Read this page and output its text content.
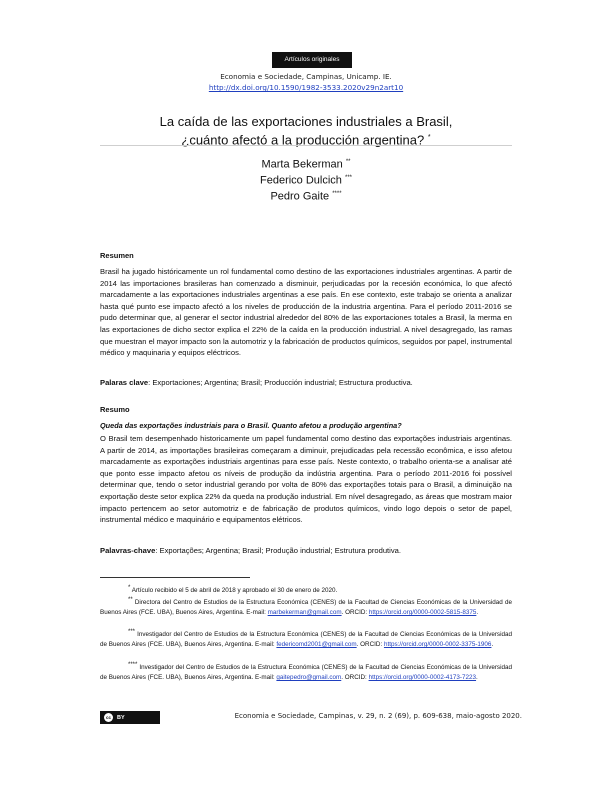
Artículos originales
Economia e Sociedade, Campinas, Unicamp. IE.
http://dx.doi.org/10.1590/1982-3533.2020v29n2art10
La caída de las exportaciones industriales a Brasil,
¿cuánto afectó a la producción argentina? *
Marta Bekerman **
Federico Dulcich ***
Pedro Gaite ****
Resumen

Brasil ha jugado históricamente un rol fundamental como destino de las exportaciones industriales argentinas. A partir de 2014 las importaciones brasileras han comenzado a disminuir, perjudicadas por la recesión económica, lo que afectó marcadamente a las exportaciones industriales argentinas a ese país. En ese contexto, este trabajo se orienta a analizar hasta qué punto ese impacto afectó a los niveles de producción de la industria argentina. Para el período 2011-2016 se pudo determinar que, al generar el sector industrial alrededor del 80% de las exportaciones totales a Brasil, la merma en las exportaciones de dicho sector explica el 22% de la caída en la producción industrial. A nivel desagregado, las ramas que muestran el mayor impacto son la automotriz y la fabricación de productos químicos, seguidos por papel, instrumental médico y maquinaria y equipos eléctricos.

Palaras clave: Exportaciones; Argentina; Brasil; Producción industrial; Estructura productiva.

Resumo
Queda das exportações industriais para o Brasil. Quanto afetou a produção argentina?

O Brasil tem desempenhado historicamente um papel fundamental como destino das exportações industriais argentinas. A partir de 2014, as importações brasileiras começaram a diminuir, prejudicadas pela recessão econômica, e isso afetou marcadamente as exportações industriais argentinas para esse país. Neste contexto, o trabalho orienta-se a analisar até que ponto esse impacto afetou os níveis de produção da indústria argentina. Para o período 2011-2016 foi possível determinar que, tendo o setor industrial gerando por volta de 80% das exportações totais para o Brasil, a diminuição na exportação deste setor explica 22% da queda na produção industrial. Em nível desagregado, as áreas que mostram maior impacto pertencem ao setor automotriz e de fabricação de produtos químicos, vindo logo depois o setor de papel, instrumental médico e maquinário e equipamentos elétricos.

Palavras-chave: Exportações; Argentina; Brasil; Produção industrial; Estrutura produtiva.

* Artículo recibido el 5 de abril de 2018 y aprobado el 30 de enero de 2020.

** Directora del Centro de Estudios de la Estructura Económica (CENES) de la Facultad de Ciencias Económicas de la Universidad de Buenos Aires (FCE. UBA), Buenos Aires, Argentina. E-mail: marbekerman@gmail.com. ORCID: https://orcid.org/0000-0002-5815-8375.

*** Investigador del Centro de Estudios de la Estructura Económica (CENES) de la Facultad de Ciencias Económicas de la Universidad de Buenos Aires (FCE. UBA), Buenos Aires, Argentina. E-mail: federicomd2001@gmail.com. ORCID: https://orcid.org/0000-0002-3375-1906.

**** Investigador del Centro de Estudios de la Estructura Económica (CENES) de la Facultad de Ciencias Económicas de la Universidad de Buenos Aires (FCE. UBA), Buenos Aires, Argentina. E-mail: gaitepedro@gmail.com. ORCID: https://orcid.org/0000-0002-4173-7223.

cc	BY	Economia e Sociedade, Campinas, v. 29, n. 2 (69), p. 609-638, maio-agosto 2020.
